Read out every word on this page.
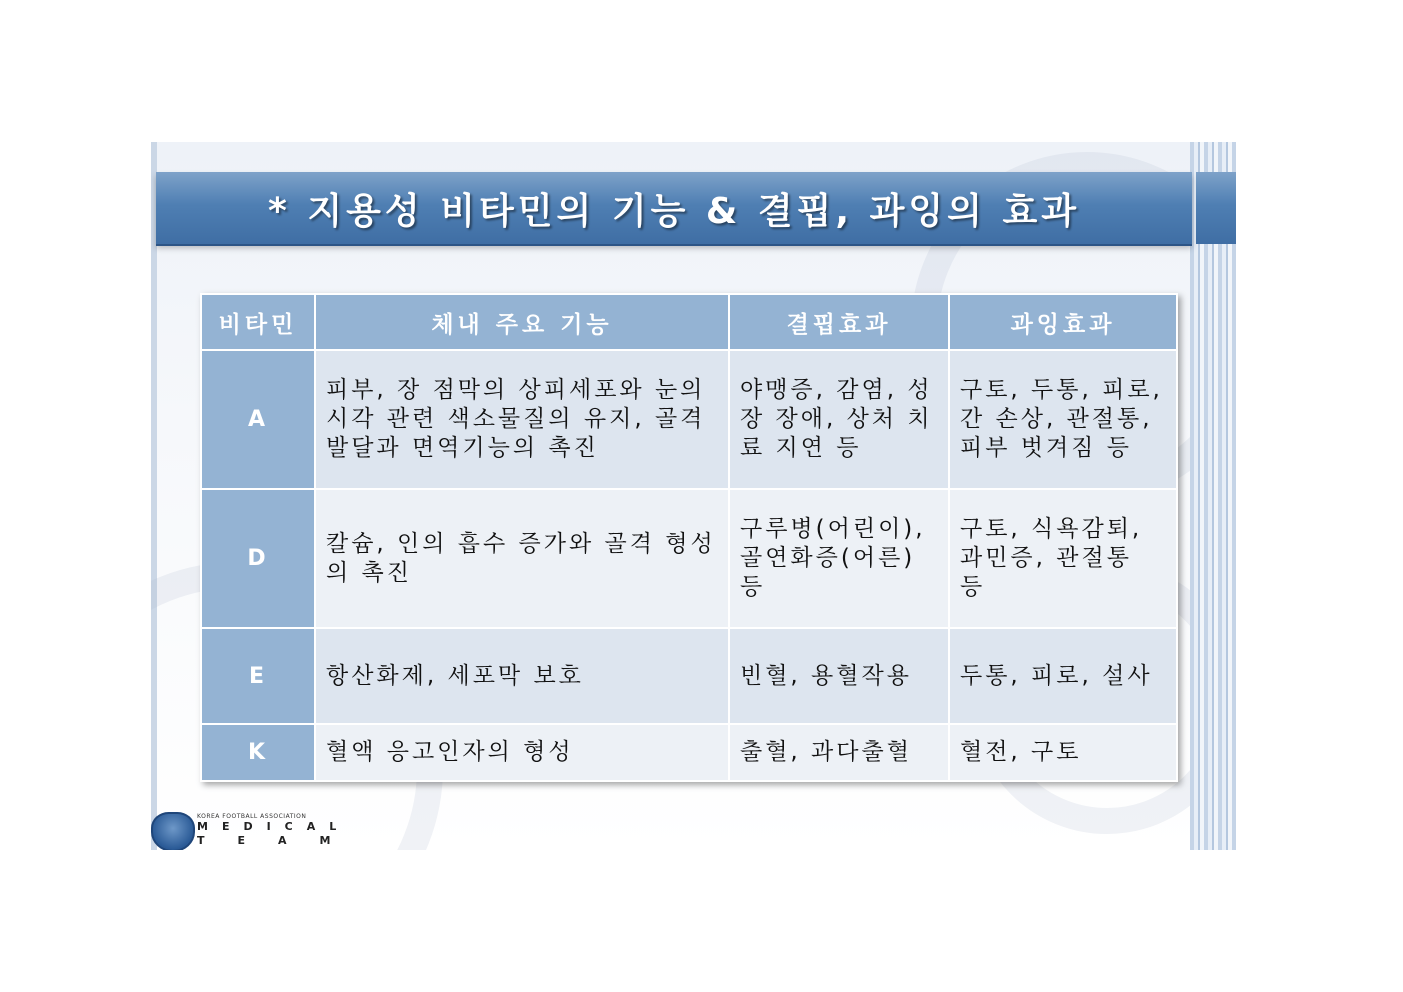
* 지용성 비타민의 기능 & 결핍, 과잉의 효과
비타민	체내 주요 기능	결핍효과	과잉효과
A	피부, 장 점막의 상피세포와 눈의 시각 관련 색소물질의 유지, 골격 발달과 면역기능의 촉진	야맹증, 감염, 성장 장애, 상처 치료 지연 등	구토, 두통, 피로, 간 손상, 관절통, 피부 벗겨짐 등
D	칼슘, 인의 흡수 증가와 골격 형성의 촉진	구루병(어린이), 골연화증(어른) 등	구토, 식욕감퇴, 과민증, 관절통 등
E	항산화제, 세포막 보호	빈혈, 용혈작용	두통, 피로, 설사
K	혈액 응고인자의 형성	출혈, 과다출혈	혈전, 구토
KOREA FOOTBALL ASSOCIATION
MEDICAL
TEAM
